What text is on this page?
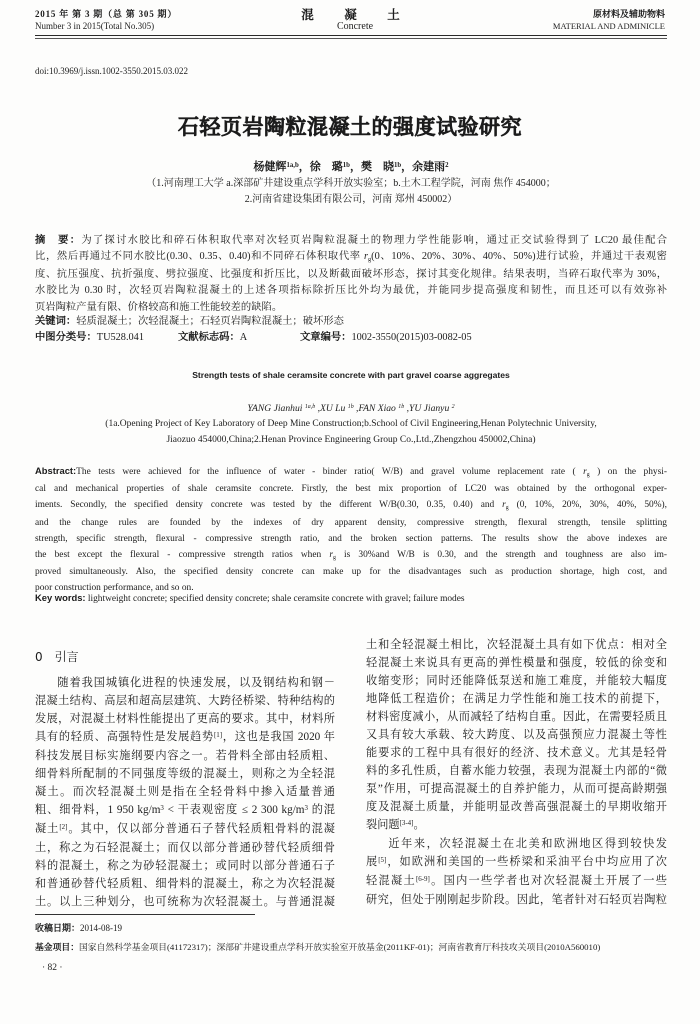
2015 年 第 3 期（总 第 305 期）
Number 3 in 2015(Total No.305)
混　凝　土
Concrete
原材料及辅助物料
MATERIAL AND ADMINICLE
doi:10.3969/j.issn.1002-3550.2015.03.022
石轻页岩陶粒混凝土的强度试验研究
杨健辉$^{1a,b}$，徐　璐$^{1b}$，樊　晓$^{1b}$，余建雨$^2$
（1.河南理工大学 a.深部矿井建设重点学科开放实验室；b.土木工程学院，河南 焦作 454000；
2.河南省建设集团有限公司，河南 郑州 450002）
摘　要：为了探讨水胶比和碎石体积取代率对次轻页岩陶粒混凝土的物理力学性能影响，通过正交试验得到了 LC20 最佳配合
比，然后再通过不同水胶比(0.30、0.35、0.40)和不同碎石体积取代率 rg(0、10%、20%、30%、40%、50%)进行试验，并通过干表观密
度、抗压强度、抗折强度、劈拉强度、比强度和折压比，以及断截面破坏形态，探讨其变化规律。结果表明，当碎石取代率为 30%，
水胶比为 0.30 时，次轻页岩陶粒混凝土的上述各项指标除折压比外均为最优，并能同步提高强度和韧性，而且还可以有效弥补
页岩陶粒产量有限、价格较高和施工性能较差的缺陷。
关键词：轻质混凝土；次轻混凝土；石轻页岩陶粒混凝土；破坏形态
中图分类号：TU528.041	文献标志码：A	文章编号：1002-3550(2015)03-0082-05
Strength tests of shale ceramsite concrete with part gravel coarse aggregates
YANG Jianhui $^{1a,b}$ ,XU Lu $^{1b}$ ,FAN Xiao $^{1b}$ ,YU Jianyu $^2$
(1a.Opening Project of Key Laboratory of Deep Mine Construction;b.School of Civil Engineering,Henan Polytechnic University,
Jiaozuo 454000,China;2.Henan Province Engineering Group Co.,Ltd.,Zhengzhou 450002,China)
Abstract:The tests were achieved for the influence of water - binder ratio( W/B) and gravel volume replacement rate ( rg ) on the physi-
cal and mechanical properties of shale ceramsite concrete. Firstly, the best mix proportion of LC20 was obtained by the orthogonal exper-
iments. Secondly, the specified density concrete was tested by the different W/B(0.30, 0.35, 0.40) and rg (0, 10%, 20%, 30%, 40%, 50%),
and the change rules are founded by the indexes of dry apparent density, compressive strength, flexural strength, tensile splitting
strength, specific strength, flexural - compressive strength ratio, and the broken section patterns. The results show the above indexes are
the best except the flexural - compressive strength ratios when rg is 30%and W/B is 0.30, and the strength and toughness are also im-
proved simultaneously. Also, the specified density concrete can make up for the disadvantages such as production shortage, high cost, and
poor construction performance, and so on.
Key words: lightweight concrete; specified density concrete; shale ceramsite concrete with gravel; failure modes
0　引言
随着我国城镇化进程的快速发展，以及钢结构和钢－
混凝土结构、高层和超高层建筑、大跨径桥梁、特种结构的
发展，对混凝土材料性能提出了更高的要求。其中，材料所
具有的轻质、高强特性是发展趋势[1]，这也是我国 2020 年
科技发展目标实施纲要内容之一。若骨料全部由轻质粗、
细骨料所配制的不同强度等级的混凝土，则称之为全轻混
凝土。而次轻混凝土则是指在全轻骨料中掺入适量普通
粗、细骨料，1 950 $kg/m^3$ < 干表观密度 ≤ 2 300 $kg/m^3$ 的混
凝土[2]。其中，仅以部分普通石子替代轻质粗骨料的混凝
土，称之为石轻混凝土；而仅以部分普通砂替代轻质细骨
料的混凝土，称之为砂轻混凝土；或同时以部分普通石子
和普通砂替代轻质粗、细骨料的混凝土，称之为次轻混凝
土。以上三种划分，也可统称为次轻混凝土。与普通混凝
土和全轻混凝土相比，次轻混凝土具有如下优点：相对全
轻混凝土来说具有更高的弹性模量和强度，较低的徐变和
收缩变形；同时还能降低泵送和施工难度，并能较大幅度
地降低工程造价；在满足力学性能和施工技术的前提下，
材料密度减小，从而减轻了结构自重。因此，在需要轻质且
又具有较大承载、较大跨度、以及高强预应力混凝土等性
能要求的工程中具有很好的经济、技术意义。尤其是轻骨
料的多孔性质，自蓄水能力较强，表现为混凝土内部的“微
泵”作用，可提高混凝土的自养护能力，从而可提高龄期强
度及混凝土质量，并能明显改善高强混凝土的早期收缩开
裂问题[3-4]。
近年来，次轻混凝土在北美和欧洲地区得到较快发
展[5]，如欧洲和美国的一些桥梁和采油平台中均应用了次
轻混凝土[6-9]。国内一些学者也对次轻混凝土开展了一些
研究，但处于刚刚起步阶段。因此，笔者针对石轻页岩陶粒
收稿日期：2014-08-19
基金项目：国家自然科学基金项目(41172317)；深部矿井建设重点学科开放实验室开放基金(2011KF-01)；河南省教育厅科技攻关项目(2010A560010)
· 82 ·
